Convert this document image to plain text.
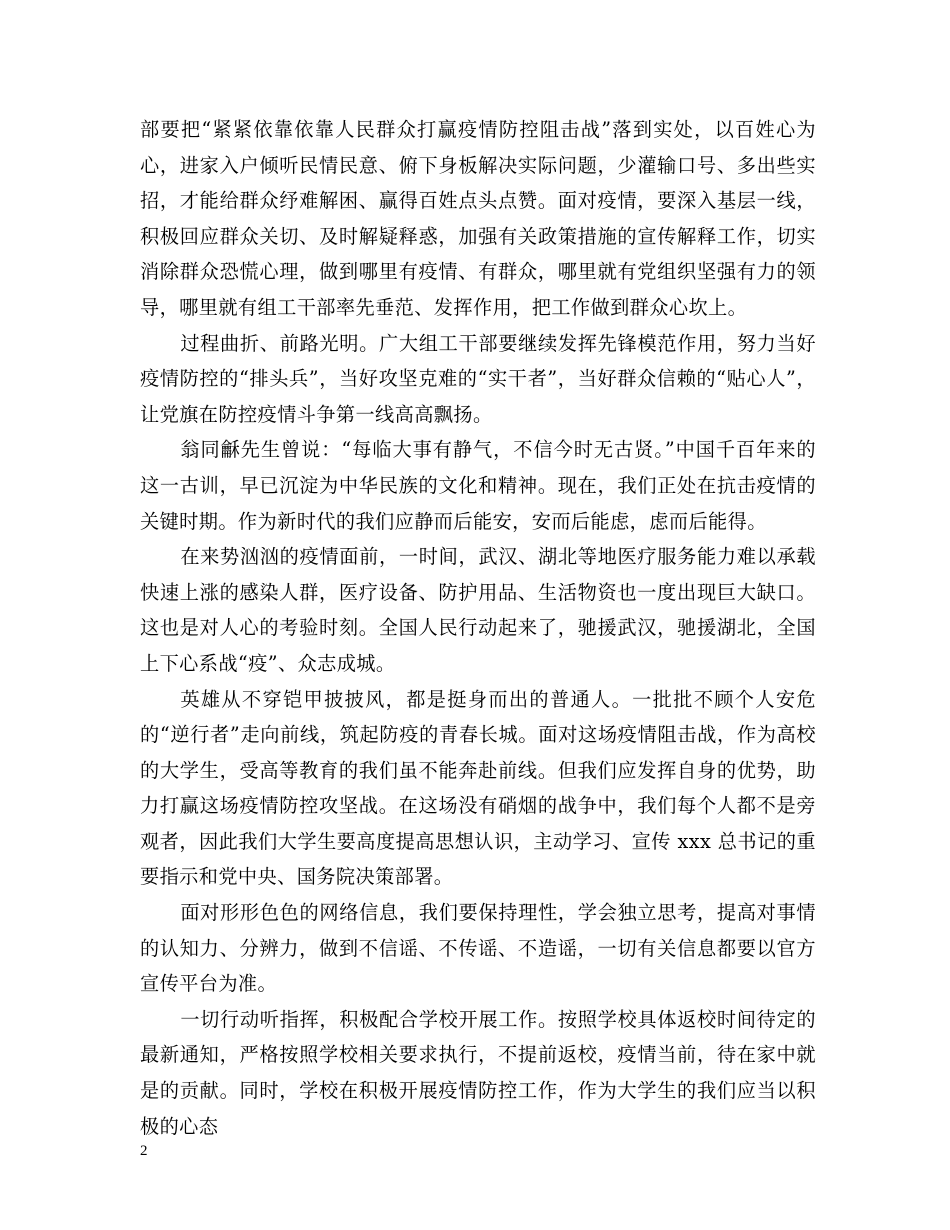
部要把“紧紧依靠依靠人民群众打赢疫情防控阻击战”落到实处，以百姓心为心，进家入户倾听民情民意、俯下身板解决实际问题，少灌输口号、多出些实招，才能给群众纾难解困、赢得百姓点头点赞。面对疫情，要深入基层一线，积极回应群众关切、及时解疑释惑，加强有关政策措施的宣传解释工作，切实消除群众恐慌心理，做到哪里有疫情、有群众，哪里就有党组织坚强有力的领导，哪里就有组工干部率先垂范、发挥作用，把工作做到群众心坎上。

过程曲折、前路光明。广大组工干部要继续发挥先锋模范作用，努力当好疫情防控的“排头兵”，当好攻坚克难的“实干者”，当好群众信赖的“贴心人”，让党旗在防控疫情斗争第一线高高飘扬。

翁同龢先生曾说：“每临大事有静气，不信今时无古贤。”中国千百年来的这一古训，早已沉淀为中华民族的文化和精神。现在，我们正处在抗击疫情的关键时期。作为新时代的我们应静而后能安，安而后能虑，虑而后能得。

在来势汹汹的疫情面前，一时间，武汉、湖北等地医疗服务能力难以承载快速上涨的感染人群，医疗设备、防护用品、生活物资也一度出现巨大缺口。这也是对人心的考验时刻。全国人民行动起来了，驰援武汉，驰援湖北，全国上下心系战“疫”、众志成城。

英雄从不穿铠甲披披风，都是挺身而出的普通人。一批批不顾个人安危的“逆行者”走向前线，筑起防疫的青春长城。面对这场疫情阻击战，作为高校的大学生，受高等教育的我们虽不能奔赴前线。但我们应发挥自身的优势，助力打赢这场疫情防控攻坚战。在这场没有硝烟的战争中，我们每个人都不是旁观者，因此我们大学生要高度提高思想认识，主动学习、宣传 xxx 总书记的重要指示和党中央、国务院决策部署。

面对形形色色的网络信息，我们要保持理性，学会独立思考，提高对事情的认知力、分辨力，做到不信谣、不传谣、不造谣，一切有关信息都要以官方宣传平台为准。

一切行动听指挥，积极配合学校开展工作。按照学校具体返校时间待定的最新通知，严格按照学校相关要求执行，不提前返校，疫情当前，待在家中就是的贡献。同时，学校在积极开展疫情防控工作，作为大学生的我们应当以积极的心态

2
